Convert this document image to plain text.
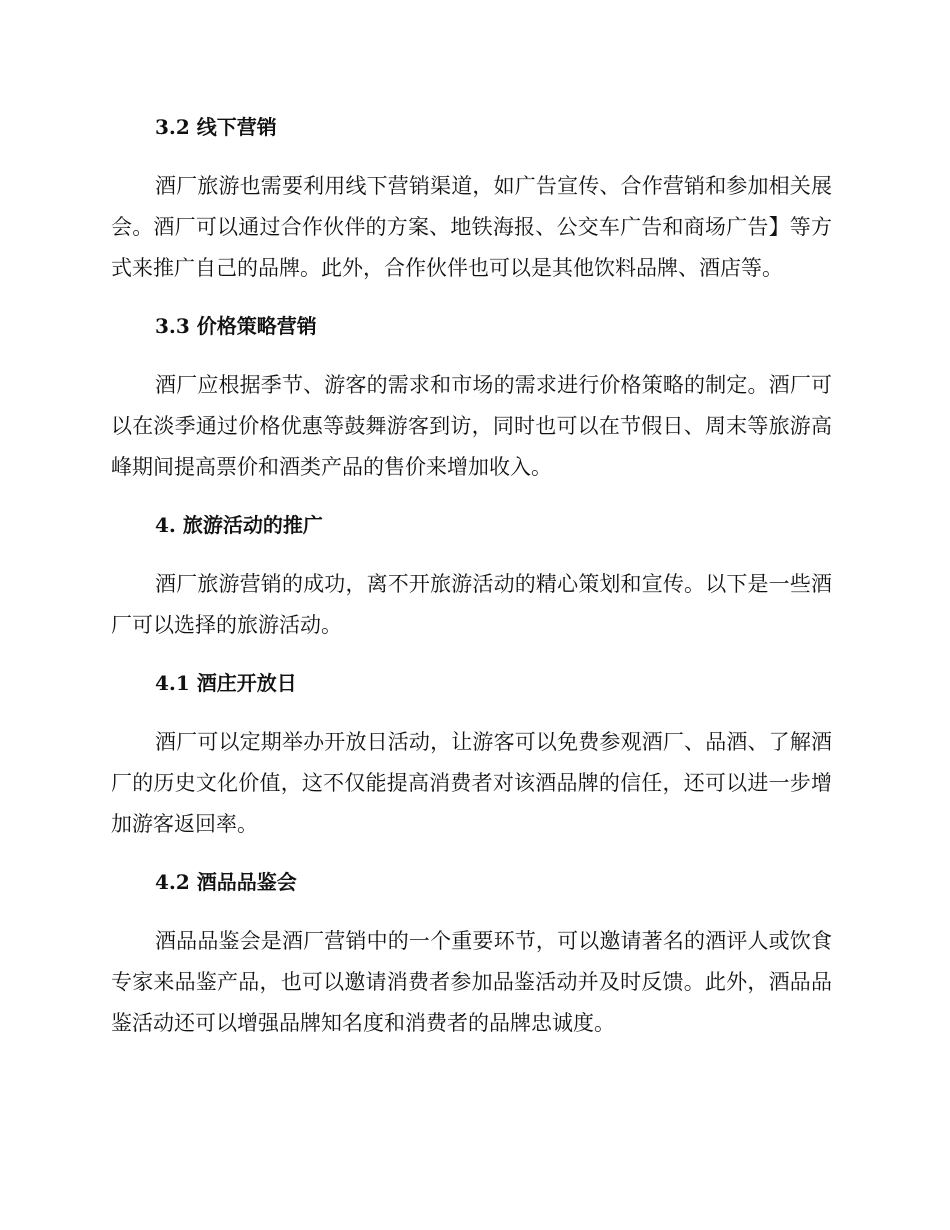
3.2 线下营销

酒厂旅游也需要利用线下营销渠道，如广告宣传、合作营销和参加相关展会。酒厂可以通过合作伙伴的方案、地铁海报、公交车广告和商场广告】等方式来推广自己的品牌。此外，合作伙伴也可以是其他饮料品牌、酒店等。

3.3 价格策略营销

酒厂应根据季节、游客的需求和市场的需求进行价格策略的制定。酒厂可以在淡季通过价格优惠等鼓舞游客到访，同时也可以在节假日、周末等旅游高峰期间提高票价和酒类产品的售价来增加收入。

4. 旅游活动的推广

酒厂旅游营销的成功，离不开旅游活动的精心策划和宣传。以下是一些酒厂可以选择的旅游活动。

4.1 酒庄开放日

酒厂可以定期举办开放日活动，让游客可以免费参观酒厂、品酒、了解酒厂的历史文化价值，这不仅能提高消费者对该酒品牌的信任，还可以进一步增加游客返回率。

4.2 酒品品鉴会

酒品品鉴会是酒厂营销中的一个重要环节，可以邀请著名的酒评人或饮食专家来品鉴产品，也可以邀请消费者参加品鉴活动并及时反馈。此外，酒品品鉴活动还可以增强品牌知名度和消费者的品牌忠诚度。
